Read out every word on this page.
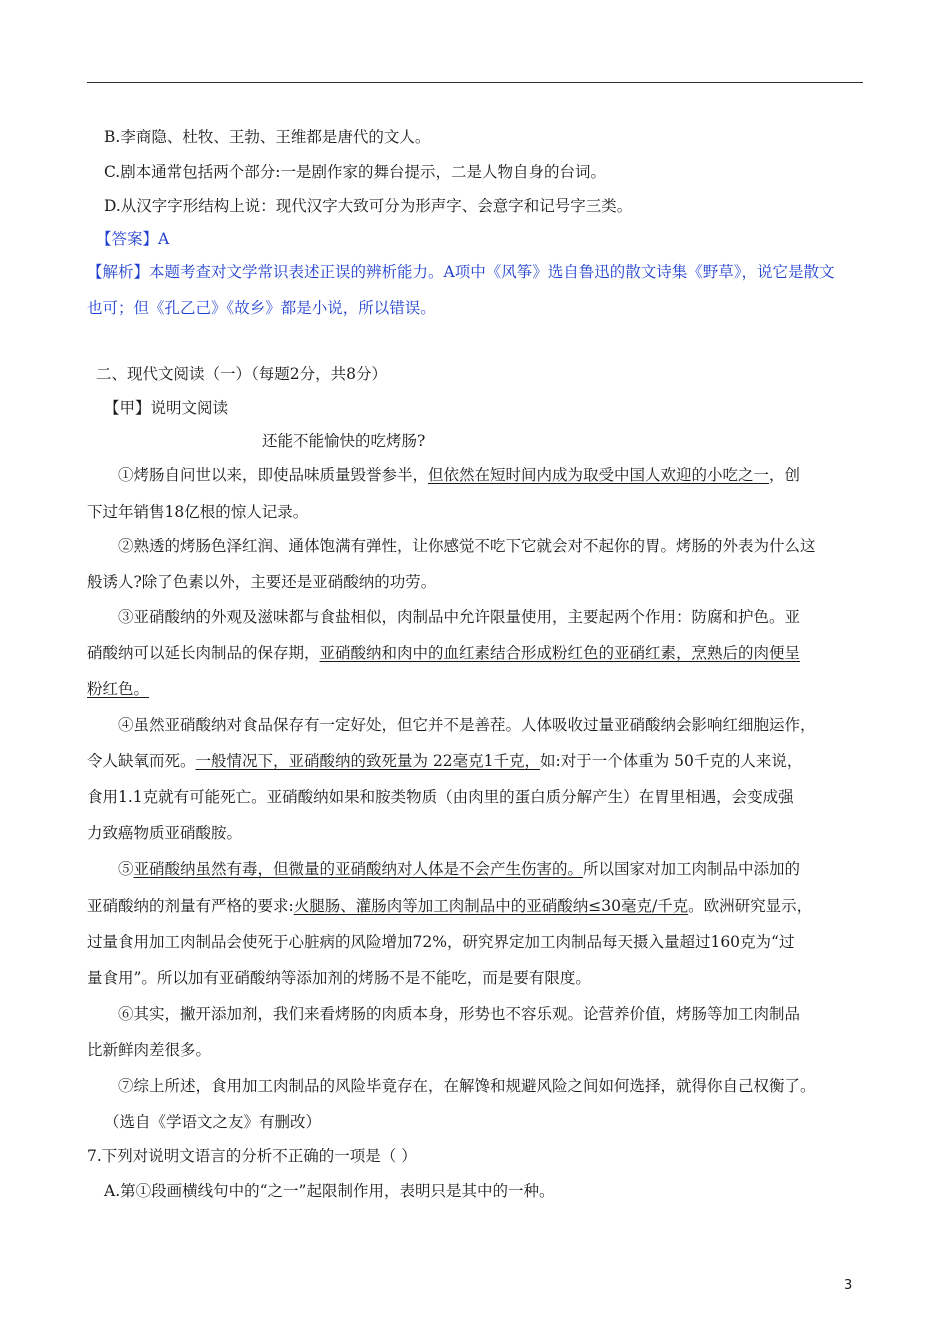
B.李商隐、杜牧、王勃、王维都是唐代的文人。
C.剧本通常包括两个部分:一是剧作家的舞台提示，二是人物自身的台词。
D.从汉字字形结构上说：现代汉字大致可分为形声字、会意字和记号字三类。
【答案】A
【解析】本题考查对文学常识表述正误的辨析能力。A项中《风筝》选自鲁迅的散文诗集《野草》，说它是散文
也可；但《孔乙己》《故乡》都是小说，所以错误。
二、现代文阅读（一）（每题2分，共8分）
【甲】说明文阅读
还能不能愉快的吃烤肠?
①烤肠自问世以来，即使品味质量毁誉参半，但依然在短时间内成为取受中国人欢迎的小吃之一，创
下过年销售18亿根的惊人记录。
②熟透的烤肠色泽红润、通体饱满有弹性，让你感觉不吃下它就会对不起你的胃。烤肠的外表为什么这
般诱人?除了色素以外，主要还是亚硝酸纳的功劳。
③亚硝酸纳的外观及滋味都与食盐相似，肉制品中允许限量使用，主要起两个作用：防腐和护色。亚
硝酸纳可以延长肉制品的保存期，亚硝酸纳和肉中的血红素结合形成粉红色的亚硝红素，烹熟后的肉便呈
粉红色。
④虽然亚硝酸纳对食品保存有一定好处，但它并不是善茬。人体吸收过量亚硝酸纳会影响红细胞运作，
令人缺氧而死。一般情况下，亚硝酸纳的致死量为 22毫克1千克，如:对于一个体重为 50千克的人来说，
食用1.1克就有可能死亡。亚硝酸纳如果和胺类物质（由肉里的蛋白质分解产生）在胃里相遇，会变成强
力致癌物质亚硝酸胺。
⑤亚硝酸纳虽然有毒，但微量的亚硝酸纳对人体是不会产生伤害的。所以国家对加工肉制品中添加的
亚硝酸纳的剂量有严格的要求:火腿肠、灌肠肉等加工肉制品中的亚硝酸纳≤30毫克/千克。欧洲研究显示，
过量食用加工肉制品会使死于心脏病的风险增加72%，研究界定加工肉制品每天摄入量超过160克为“过
量食用”。所以加有亚硝酸纳等添加剂的烤肠不是不能吃，而是要有限度。
⑥其实，撇开添加剂，我们来看烤肠的肉质本身，形势也不容乐观。论营养价值，烤肠等加工肉制品
比新鲜肉差很多。
⑦综上所述，食用加工肉制品的风险毕竟存在，在解馋和规避风险之间如何选择，就得你自己权衡了。
（选自《学语文之友》有删改）
7.下列对说明文语言的分析不正确的一项是（ ）
A.第①段画横线句中的“之一”起限制作用，表明只是其中的一种。
3
